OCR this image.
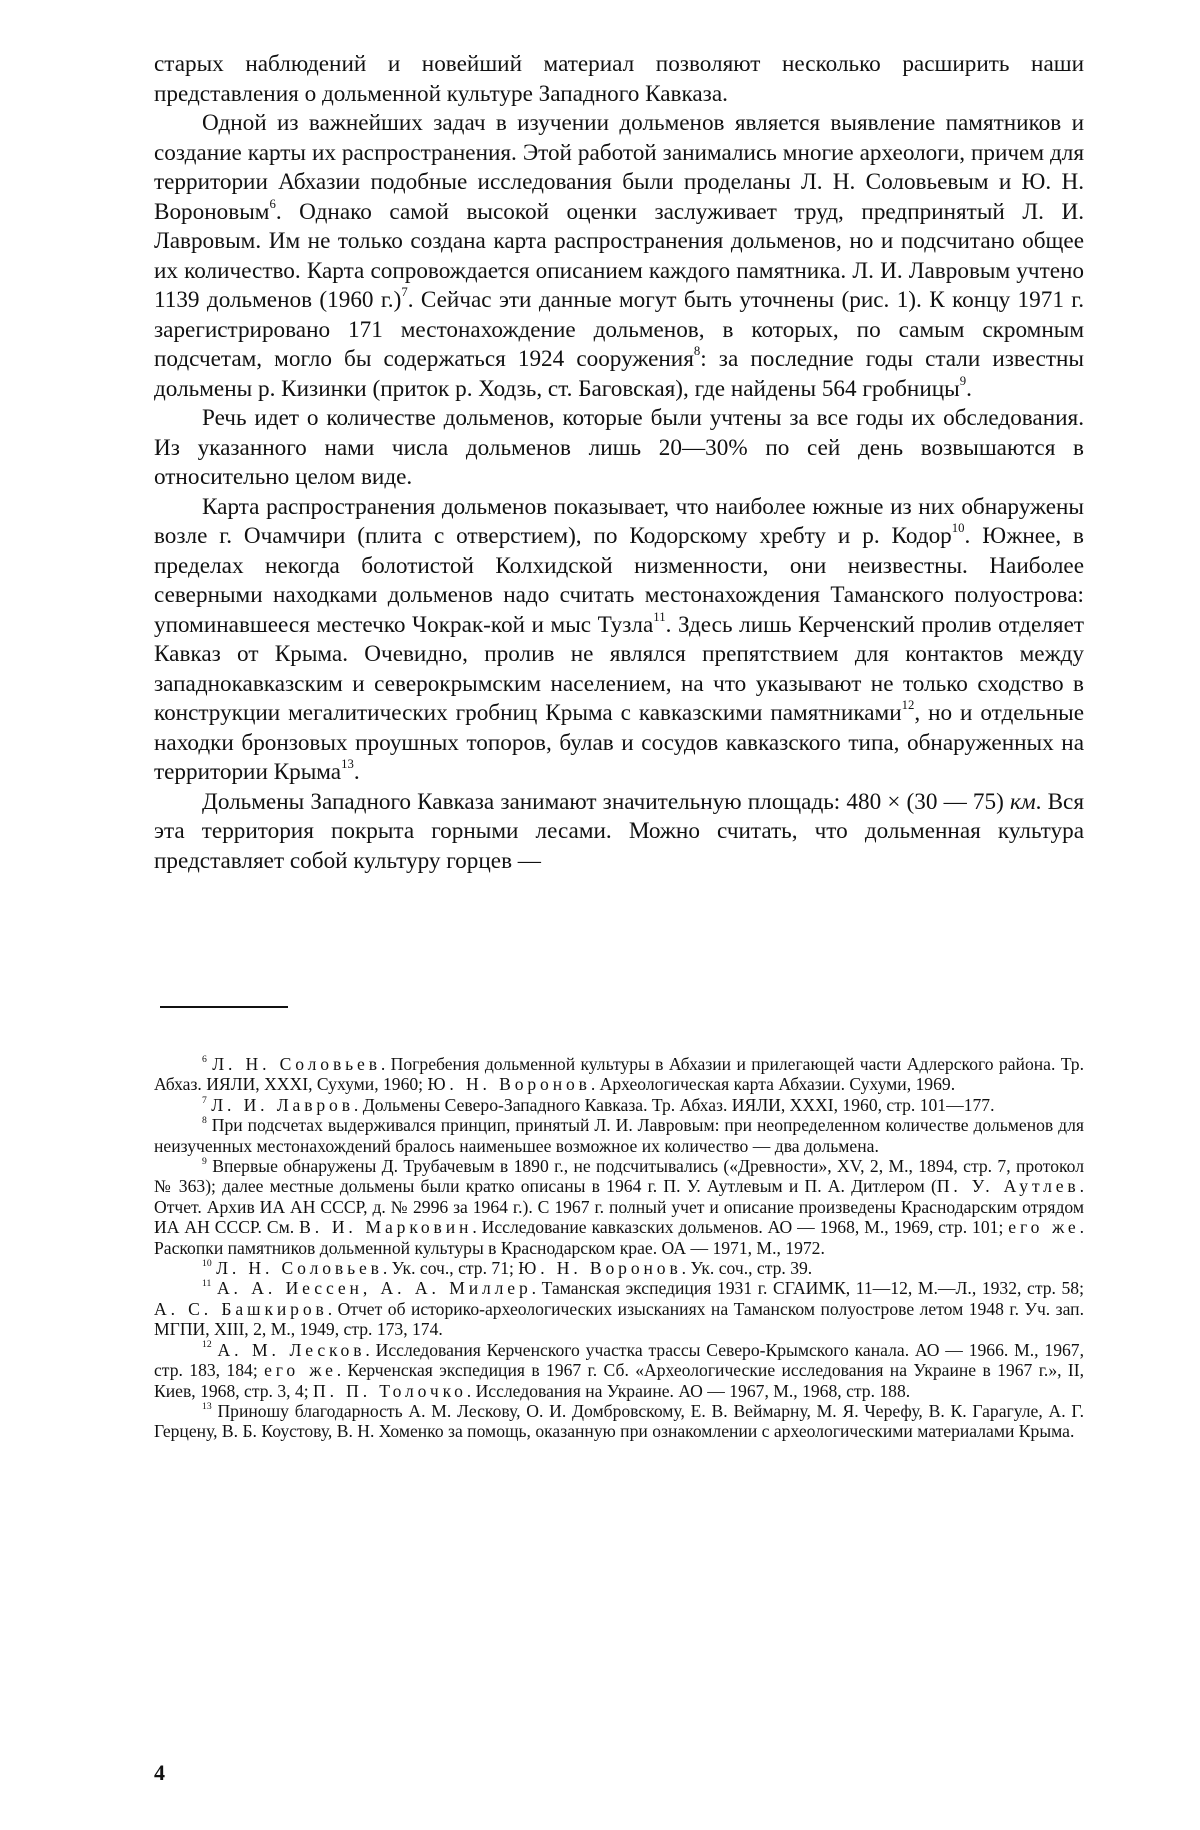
старых наблюдений и новейший материал позволяют несколько расширить наши представления о дольменной культуре Западного Кавказа.

Одной из важнейших задач в изучении дольменов является выявление памятников и создание карты их распространения. Этой работой занимались многие археологи, причем для территории Абхазии подобные исследования были проделаны Л. Н. Соловьевым и Ю. Н. Вороновым$^6$. Однако самой высокой оценки заслуживает труд, предпринятый Л. И. Лавровым. Им не только создана карта распространения дольменов, но и подсчитано общее их количество. Карта сопровождается описанием каждого памятника. Л. И. Лавровым учтено 1139 дольменов (1960 г.)$^7$. Сейчас эти данные могут быть уточнены (рис. 1). К концу 1971 г. зарегистрировано 171 местонахождение дольменов, в которых, по самым скромным подсчетам, могло бы содержаться 1924 сооружения$^8$: за последние годы стали известны дольмены р. Кизинки (приток р. Ходзь, ст. Баговская), где найдены 564 гробницы$^9$.

Речь идет о количестве дольменов, которые были учтены за все годы их обследования. Из указанного нами числа дольменов лишь 20—30% по сей день возвышаются в относительно целом виде.

Карта распространения дольменов показывает, что наиболее южные из них обнаружены возле г. Очамчири (плита с отверстием), по Кодорскому хребту и р. Кодор$^{10}$. Южнее, в пределах некогда болотистой Колхидской низменности, они неизвестны. Наиболее северными находками дольменов надо считать местонахождения Таманского полуострова: упоминавшееся местечко Чокрак-кой и мыс Тузла$^{11}$. Здесь лишь Керченский пролив отделяет Кавказ от Крыма. Очевидно, пролив не являлся препятствием для контактов между западнокавказским и северокрымским населением, на что указывают не только сходство в конструкции мегалитических гробниц Крыма с кавказскими памятниками$^{12}$, но и отдельные находки бронзовых проушных топоров, булав и сосудов кавказского типа, обнаруженных на территории Крыма$^{13}$.

Дольмены Западного Кавказа занимают значительную площадь: 480 × (30 — 75) км. Вся эта территория покрыта горными лесами. Можно считать, что дольменная культура представляет собой культуру горцев —

$^6$ Л. Н. Соловьев. Погребения дольменной культуры в Абхазии и прилегающей части Адлерского района. Тр. Абхаз. ИЯЛИ, XXXI, Сухуми, 1960; Ю. Н. Воронов. Археологическая карта Абхазии. Сухуми, 1969.

$^7$ Л. И. Лавров. Дольмены Северо-Западного Кавказа. Тр. Абхаз. ИЯЛИ, XXXI, 1960, стр. 101—177.

$^8$ При подсчетах выдерживался принцип, принятый Л. И. Лавровым: при неопределенном количестве дольменов для неизученных местонахождений бралось наименьшее возможное их количество — два дольмена.

$^9$ Впервые обнаружены Д. Трубачевым в 1890 г., не подсчитывались («Древности», XV, 2, М., 1894, стр. 7, протокол № 363); далее местные дольмены были кратко описаны в 1964 г. П. У. Аутлевым и П. А. Дитлером (П. У. Аутлев. Отчет. Архив ИА АН СССР, д. № 2996 за 1964 г.). С 1967 г. полный учет и описание произведены Краснодарским отрядом ИА АН СССР. См. В. И. Марковин. Исследование кавказских дольменов. АО — 1968, М., 1969, стр. 101; его же. Раскопки памятников дольменной культуры в Краснодарском крае. ОА — 1971, М., 1972.

$^{10}$ Л. Н. Соловьев. Ук. соч., стр. 71; Ю. Н. Воронов. Ук. соч., стр. 39.

$^{11}$ А. А. Иессен, А. А. Миллер. Таманская экспедиция 1931 г. СГАИМК, 11—12, М.—Л., 1932, стр. 58; А. С. Башкиров. Отчет об историко-археологических изысканиях на Таманском полуострове летом 1948 г. Уч. зап. МГПИ, XIII, 2, М., 1949, стр. 173, 174.

$^{12}$ А. М. Лесков. Исследования Керченского участка трассы Северо-Крымского канала. АО — 1966. М., 1967, стр. 183, 184; его же. Керченская экспедиция в 1967 г. Сб. «Археологические исследования на Украине в 1967 г.», II, Киев, 1968, стр. 3, 4; П. П. Толочко. Исследования на Украине. АО — 1967, М., 1968, стр. 188.

$^{13}$ Приношу благодарность А. М. Лескову, О. И. Домбровскому, Е. В. Веймарну, М. Я. Черефу, В. К. Гарагуле, А. Г. Герцену, В. Б. Коустову, В. Н. Хоменко за помощь, оказанную при ознакомлении с археологическими материалами Крыма.

4
